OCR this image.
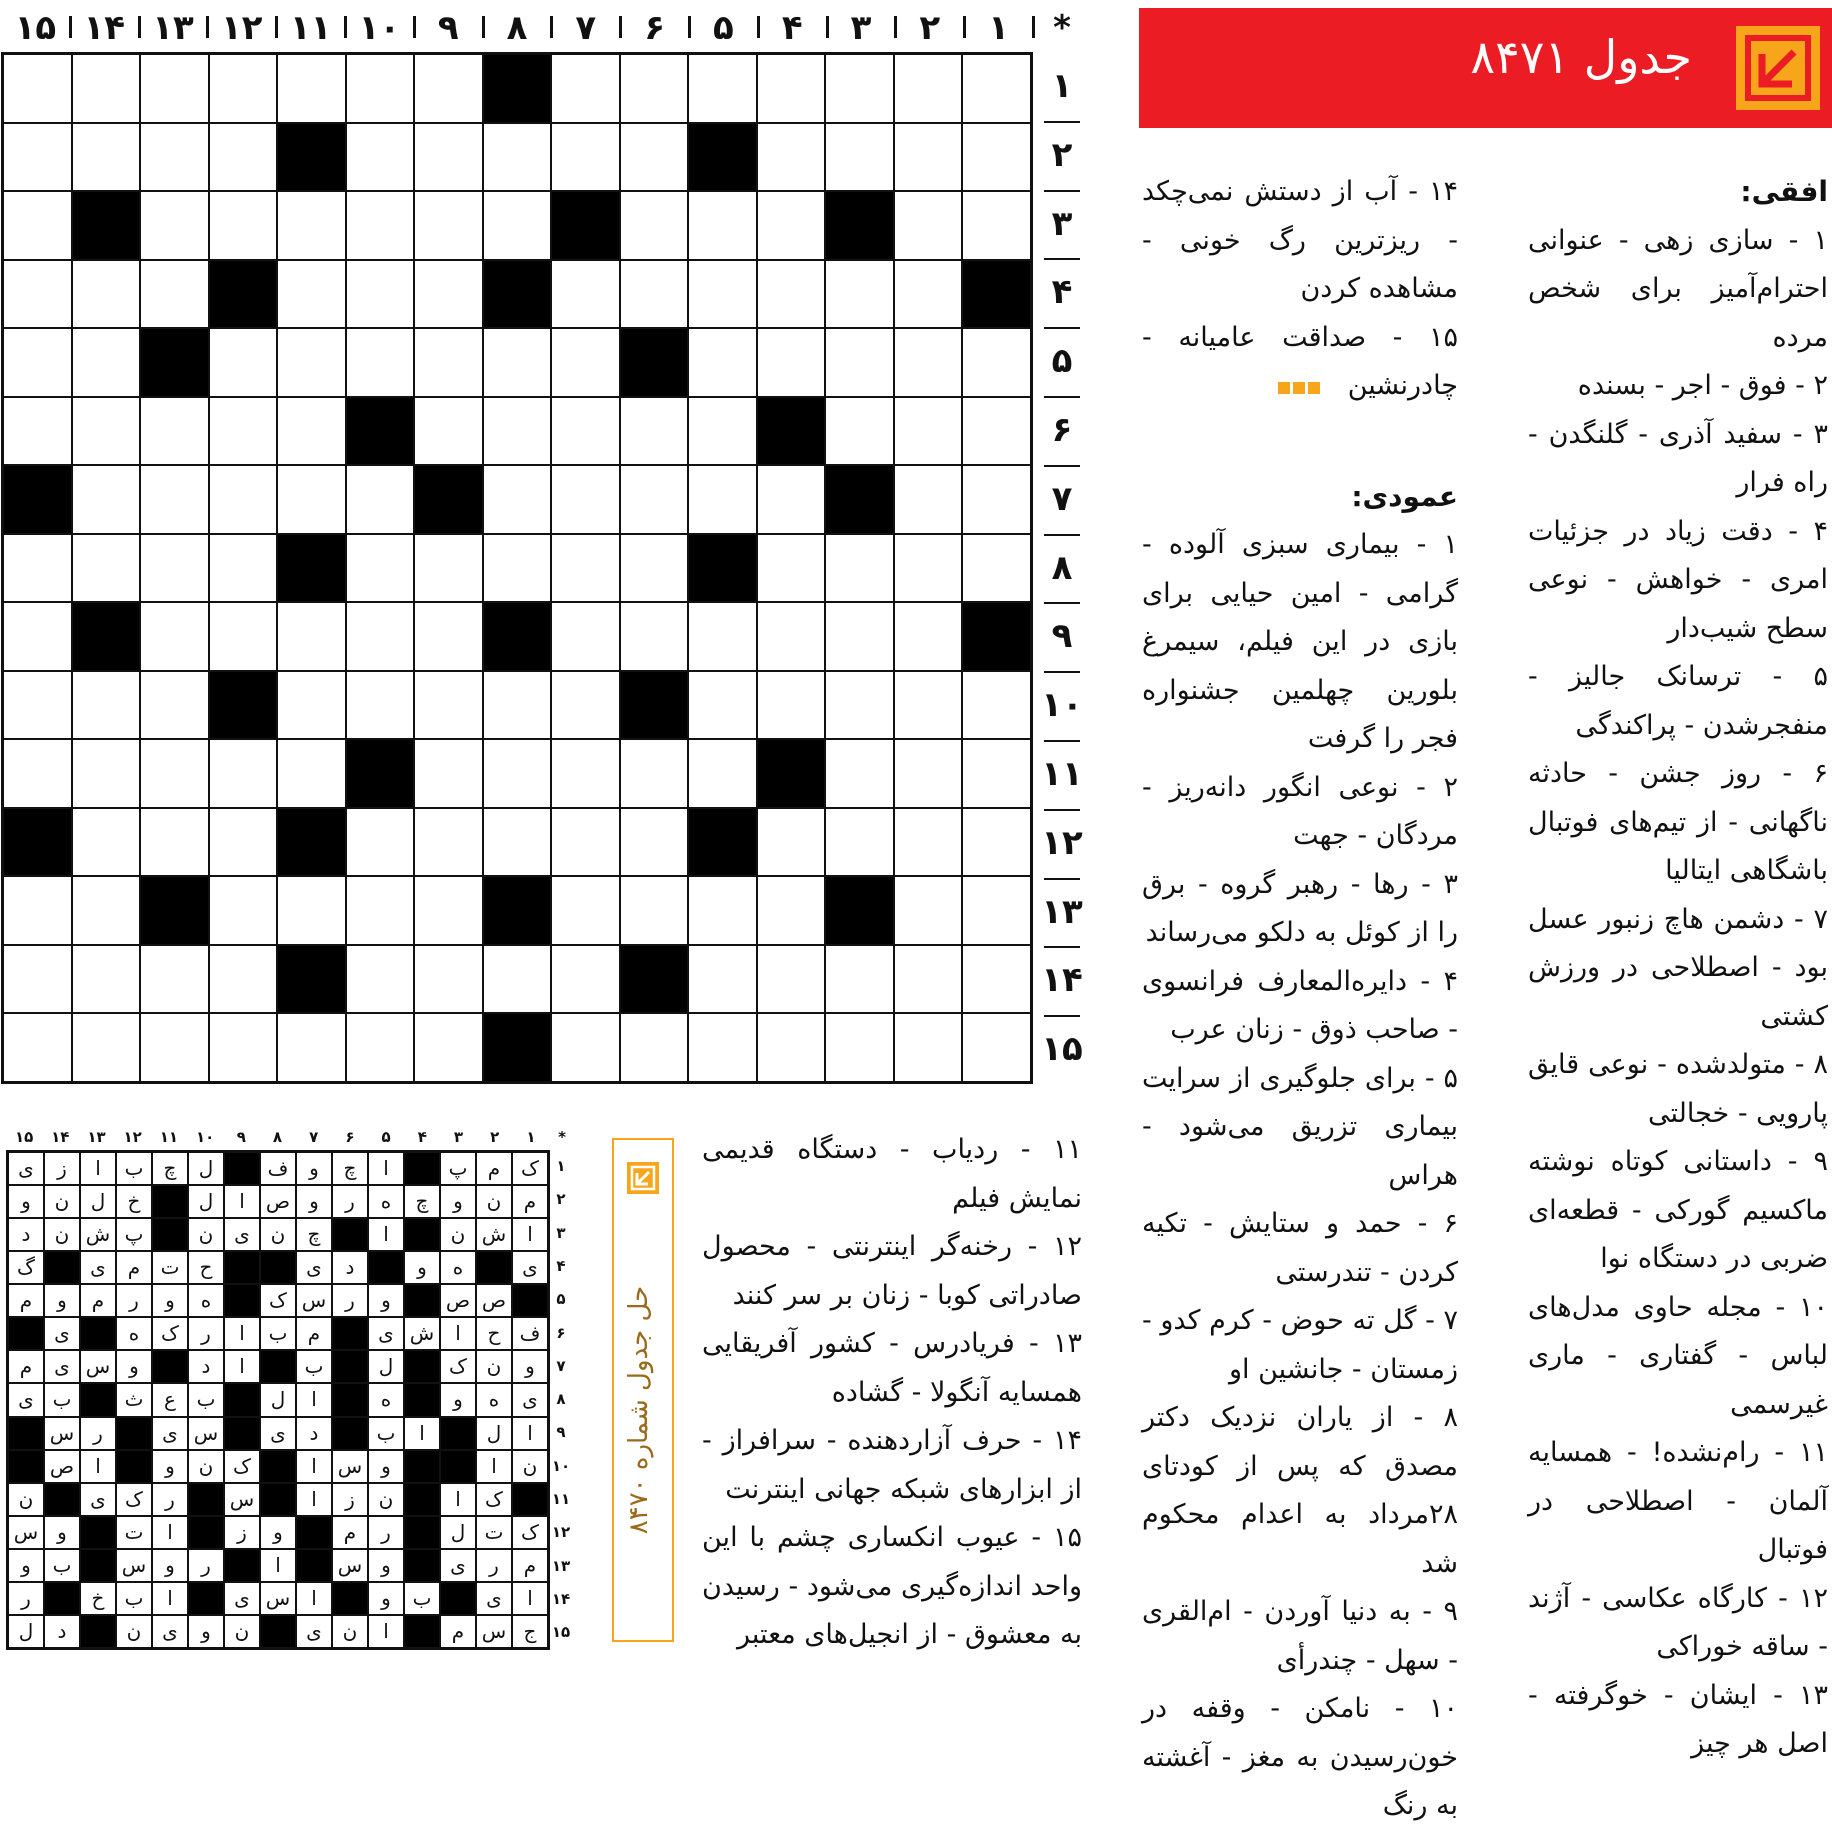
جدول ۸۴۷۱
*
۱
۲
۳
۴
۵
۶
۷
۸
۹
۱۰
۱۱
۱۲
۱۳
۱۴
۱۵
۱
۲
۳
۴
۵
۶
۷
۸
۹
۱۰
۱۱
۱۲
۱۳
۱۴
۱۵

افقی:

۱ - سازی زهی - عنوانی احترام‌آمیز برای شخص مرده

۲ - فوق - اجر - بسنده

۳ - سفید آذری - گلنگدن - راه فرار

۴ - دقت زیاد در جزئیات امری - خواهش - نوعی سطح شیب‌دار

۵ - ترسانک جالیز - منفجرشدن - پراکندگی

۶ - روز جشن - حادثه ناگهانی - از تیم‌های فوتبال باشگاهی ایتالیا

۷ - دشمن هاچ زنبور عسل بود - اصطلاحی در ورزش کشتی

۸ - متولدشده - نوعی قایق پارویی - خجالتی

۹ - داستانی کوتاه نوشته ماکسیم گورکی - قطعه‌ای ضربی در دستگاه نوا

۱۰ - مجله حاوی مدل‌های لباس - گفتاری - ماری غیرسمی

۱۱ - رام‌نشده! - همسایه آلمان - اصطلاحی در فوتبال

۱۲ - کارگاه عکاسی - آژند - ساقه خوراکی

۱۳ - ایشان - خوگرفته - اصل هر چیز

۱۴ - آب از دستش نمی‌چکد - ریزترین رگ خونی - مشاهده کردن

۱۵ - صداقت عامیانه - چادرنشین

عمودی:

۱ - بیماری سبزی آلوده - گرامی - امین حیایی برای بازی در این فیلم، سیمرغ بلورین چهلمین جشنواره فجر را گرفت

۲ - نوعی انگور دانه‌ریز - مردگان - جهت

۳ - رها - رهبر گروه - برق را از کوئل به دلکو می‌رساند

۴ - دایره‌المعارف فرانسوی - صاحب ذوق - زنان عرب

۵ - برای جلوگیری از سرایت بیماری تزریق می‌شود - هراس

۶ - حمد و ستایش - تکیه کردن - تندرستی

۷ - گل ته حوض - کرم کدو - زمستان - جانشین او

۸ - از یاران نزدیک دکتر مصدق که پس از کودتای ۲۸مرداد به اعدام محکوم شد

۹ - به دنیا آوردن - ام‌القری - سهل - چندرأی

۱۰ - نامکن - وقفه در خون‌رسیدن به مغز - آغشته به رنگ

۱۱ - ردیاب - دستگاه قدیمی نمایش فیلم

۱۲ - رخنه‌گر اینترنتی - محصول صادراتی کوبا - زنان بر سر کنند

۱۳ - فریادرس - کشور آفریقایی همسایه آنگولا - گشاده

۱۴ - حرف آزاردهنده - سرافراز - از ابزارهای شبکه جهانی اینترنت

۱۵ - عیوب انکساری چشم با این واحد اندازه‌گیری می‌شود - رسیدن به معشوق - از انجیل‌های معتبر

حل جدول شماره ۸۴۷۰
۱
۲
۳
۴
۵
۶
۷
۸
۹
۱۰
۱۱
۱۲
۱۳
۱۴
۱۵	*
۱
۲
۳
۴
۵
۶
۷
۸
۹
۱۰
۱۱
۱۲
۱۳
۱۴
۱۵
ی	ز	ا	ب	چ	ل	ف	و	چ	ا	پ	م	ک
و	ن	ل	خ	ل	ا	ص و	ر	ه	چ	و	ن	م
د	ن ش پ	ن	ی	ن	چ	ا	ن ش	ا
گ	ی	م	ت	ح	ی	د	و	ه	ی
م	و	م	ر	و	ه	ک س ر	و	ص ص
ی	ه	ک	ر	ا	ب	م	ی ش	ا	ح ف
م	ی س و	د	ا	ب	ل	ک ن	و
ی ب	ث	ع	ب	ل	ا	ه	و	ه	ی
س ر	ی س	ی	د	ب	ا	ل	ا
ص	ا	و	ن ک	ا	س و	ا	ن
ن	ی ک	ر	س	ا	ز	ن	ا	ک
س و	ت	ا	ز	و	م	ر	ل ت ک
و	ب	س و	ر	ا	س و	ی	ر	م
ر	خ	ب	ا	ی س	ا	و	ب	ی	ا
ل	د	ن	ی	و	ن	ی	ن	ا	م س ج
